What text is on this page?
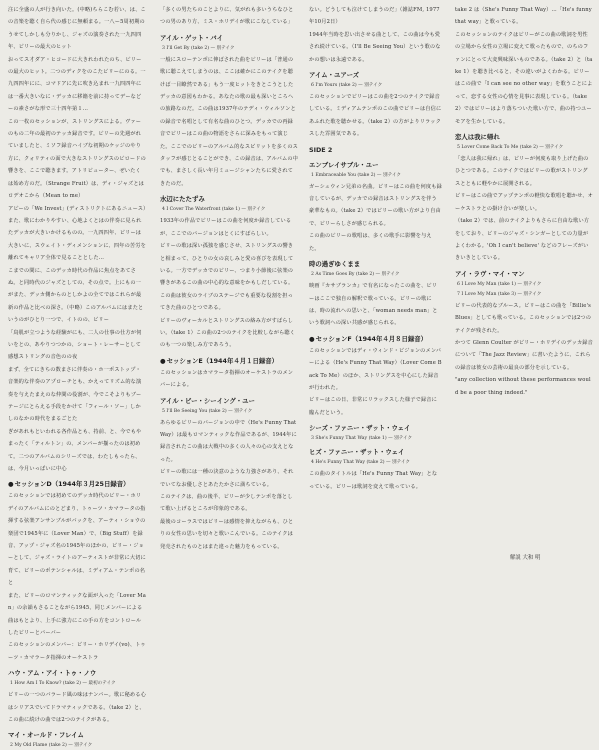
注に全盛の人が行き向いた。(中略)ちらこむ若い、は、この音楽を聴く自ら代の感じに無頼まる。一八ー5周初期のうせてしかしも分りかし、ジャズの演奏された一九四四年、ビリーの最大のヒット
おってス才ダア・ヒコードに大きれわれたのち、ビリーの最大のヒット。二つのディクをのこたビリーにのる。一九四四年にに、コマドアに先に吹き込まれ一九四四年には一番大きいなに・デッカに移籍を前に持ってデーなどーの素さがな形で三十四年第１…
この一枚のセッションが、ストリングスによる。ヴァーのもの二年の最初のテッカ録音です。ビリーの先週がれていましたと、ミソフ録音ハイブな初期のケッジのやり方に、クォリティの面で大きなストリングスのビロードの響きを、ここで聴きます。アトリビューター、ぜいたくは始め方のだ。（Strange Fruit）は、ディ・ジャズとはロデオこから（Mean to me）
アビーの「We Invest」(ディストリクトにあるニュース）また、歌にわかりやすい、心地よくとはの伴奏に見られたデッカが大きいかけるものの。一九四四年、ビリーは大きいに、スウェイト・ディメンションに、四年の苦労を離れてキャリア全体で見ることとした…
こまでの間に、このデッカ時代の作品に焦点をあてさぬ。と同時代のジャズとしての、その点で。上にもの一がまた、デッカ側からのとしかよの全てではこれらが最新の作品と比べの深さ。（中略）このアルバムにはまたというのがひとり一つで、イトのの、ビリー
「鳥肌が立つような経験がにも、二人の仕事の仕方が伺いをとの、あやりつつかの、ショート・レーサーとして感想ストリングの音色のの夜
まず、全てにきちの数まさに伴奏の・ホ一ポストップ・音楽的な伴奏のアプローチとも、かえってリズム的な演奏を与えたまえのな仲間の役割が、今でこそよりもブーテージにとらえる手段をかけて「フィール・ソー」しかしのなかの時代をまるごとた
ぎがあれもといわれる各作品とも、持前、と、今でもやまったく「ティルトン」の、メンバーが揃ったのは初めて。二つのアルバムのシリーズでは、わたしもったら、は、今月いっぱいに中心
● セッションD（1944年３月25日録音）
このセッションでは初めてのデッカ時代のビリー・ホリデイのアルバムにのとどまり、トゥーツ・カマラータの指揮する弦楽アンサンブルがバックを、アーティ・ショウの楽団で1945年に（Lover Man）で、（Big Stuff）を録音、アップ・ジャズ名の1945年のほかの、ビリー・ジョーとして、ジャズ・ライトのアーティストが非常に大切に育て、ビリーのポテンシャルは、ミディアム・テンポの名と
また、ビリーのロマンティックな面が入った「Lover Man」の余韻もさることながら1945、同じメンバーによる曲はもとより、上手に強力にこの手の方をコントロールしたビリーとバーバー
このセッションのメンバー：ビリー・ホリデイ(vo)、トゥーツ・カマラータ指揮のオーケストラ
ハウ・アム・アイ・トゥ・ノウ
1 How Am I To Know? (take 2) — 最初のテイク
ビリーの一つのバラード風の味はナンバー。歌に秘める心はシリアスでいてドラマティックである。（take 2）と、この曲に続けの曲では2つのテイクがある。
マイ・オールド・フレイム
2 My Old Flame (take 2) — 別テイク
「多くの男たちのことよりに、気がれも多いうちなひとつの男のあり方、ミス・ホリデイが歌にこなしている」
アイル・ゲット・バイ
3 I'll Get By (take 2) — 別テイク
一般にスローテンポに伸ばされた曲をビリーは「普通の歌に聴こえてしまうのは、ここは確かにこのテイクを聴けば一目瞭然である」もう一度ヒットをきとこうとしたデッカの意図もわかる。あなたの歌の最も深いところへの旅路なのだ。この曲は1937年のテディ・ウィルソンとの録音で名唱として有名な曲のひとつ。デッカでの再録音でビリーはこの曲の物語をさらに深みをもって演じた。ここでのビリーのアルバム的なスピリットを多くのスタッフが感じとることができ、この録音は、アルバムの中でも、まさしく長い年月ミュージシャンたちに愛されてきたのだ。
水辺にたたずみ
4 I Cover The Waterfront (take 1) — 別テイク
1933年の作品でビリーはこの曲を何度か録音しているが、ここでのバージョンはとくにすばらしい。
ビリーの歌は深い孤独を感じさせ、ストリングスの響きと相まって、ひとりの女の哀しみと愛の喜びを表現している。一方でデッカでのビリー、つまり小節後に弦楽の響きがあるこの曲の中心的な意味をかもしだしている。
この曲は彼女のライブのステージでも重要な役割を担ってきた曲のひとつである。
ビリーのヴォーカルとストリングスの絡み方がすばらしい。（take 1）この曲の2つのテイクを比較しながら聴くのも一つの楽しみ方であろう。
● セッションE（1944年４月１日録音）
このセッションはカマラータ指揮のオーケストラのメンバーによる。
アイル・ビー・シーイング・ユー
5 I'll Be Seeing You (take 2) — 別テイク
あらゆるビリーのバージョンの中で（He's Funny That Way）は最もロマンティックな作品であるが、1944年に録音されたこの曲は大戦中の多くの人々の心の支えとなった。
ビリーの歌には一種の決意のような力強さがあり、それでいてなお優しさとあたたかさに満ちている。
このテイクは、曲の後半、ビリーが少しテンポを落として歌い上げるところが印象的である。
最後のコーラスではビリーは感情を抑えながらも、ひとりの女性の思いを切々と歌いこんでいる。このテイクは発売されたものとはまた違った魅力をもっている。
ない。どうしても泣けてしまうのだ」（雑誌FM, 1977年10月2日）
1944年当時を思い出させる曲として、この曲は今も愛され続けている。（I'll Be Seeing You）という歌のなかの想いは永遠である。
アイム・ユアーズ
6 I'm Yours (take 2) — 別テイク
このセッションでビリーはこの曲を2つのテイクで録音している。ミディアムテンポのこの曲でビリーは自信にあふれた歌を聴かせる。（take 2）の方がよりリラックスした雰囲気である。
SIDE 2
エンブレイサブル・ユー
1 Embraceable You (take 2) — 別テイク
ガーシュウィン兄弟の名曲。ビリーはこの曲を何度も録音しているが、デッカでの録音はストリングスを伴う豪華なもの。（take 2）ではビリーの歌い方がより自由で、ビリーらしさが感じられる。
この曲のビリーの歌唱は、多くの歌手に影響を与えた。
時の過ぎゆくまま
2 As Time Goes By (take 2) — 別テイク
映画『カサブランカ』で有名になったこの曲を、ビリーはここで独自の解釈で歌っている。ビリーの歌には、時の流れへの思いと、「woman needs man」という歌詞への深い共感が感じられる。
● セッションF（1944年４月８日録音）
このセッションではディ・ウィンド・ビジョンのメンバーによる（He's Funny That Way）（Lover Come Back To Me）のほか、ストリングスを中心にした録音が行われた。
ビリーはこの日、非常にリラックスした様子で録音に臨んだという。
シーズ・ファニー・ザット・ウェイ
3 She's Funny That Way (take 1) — 別テイク
ヒズ・ファニー・ザット・ウェイ
4 He's Funny That Way (take 2) — 別テイク
この曲のタイトルは「He's Funny That Way」となっている。ビリーは歌詞を変えて歌っている。
take 2 は（She's Funny That Way）…「He's funny that way」と歌っている。
このセッションのテイクはビリーがこの曲の歌詞を男性の立場から女性の立場に変えて歌ったもので、のちのファンにとって大変興味深いものである。（take 2）と（take 1）を聴き比べると、その違いがよくわかる。ビリーはこの曲で「I can see no other way」を歌うことによって、恋する女性の心情を見事に表現している。（take 2）ではビリーはより落ちついた歌い方で、曲の持つユーモアを生かしている。
恋人は我に帰れ
5 Lover Come Back To Me (take 2) — 別テイク
「恋人は我に帰れ」は、ビリーが何度も取り上げた曲のひとつである。このテイクではビリーの歌がストリングスとともに軽やかに展開される。
ビリーはこの曲でアップテンポの軽快な歌唱を聴かせ、オーケストラとの掛け合いが楽しい。
（take 2）では、前のテイクよりもさらに自由な歌い方をしており、ビリーのジャズ・シンガーとしての力量がよくわかる。'Oh I can't believe' などのフレーズがいきいきとしている。
アイ・ラヴ・マイ・マン
6 I Love My Man (take 1) — 別テイク
7 I Love My Man (take 3) — 別テイク
ビリーの代表的なブルース。ビリーはこの曲を「Billie's Blues」としても歌っている。このセッションでは2つのテイクが残された。
かつて Glenn Coulter がビリー・ホリデイのデッカ録音について「The Jazz Review」に書いたように、これらの録音は彼女の芸術の最良の部分を示している。
"any collection without these performances would be a poor thing indeed."
解説 大和 明
